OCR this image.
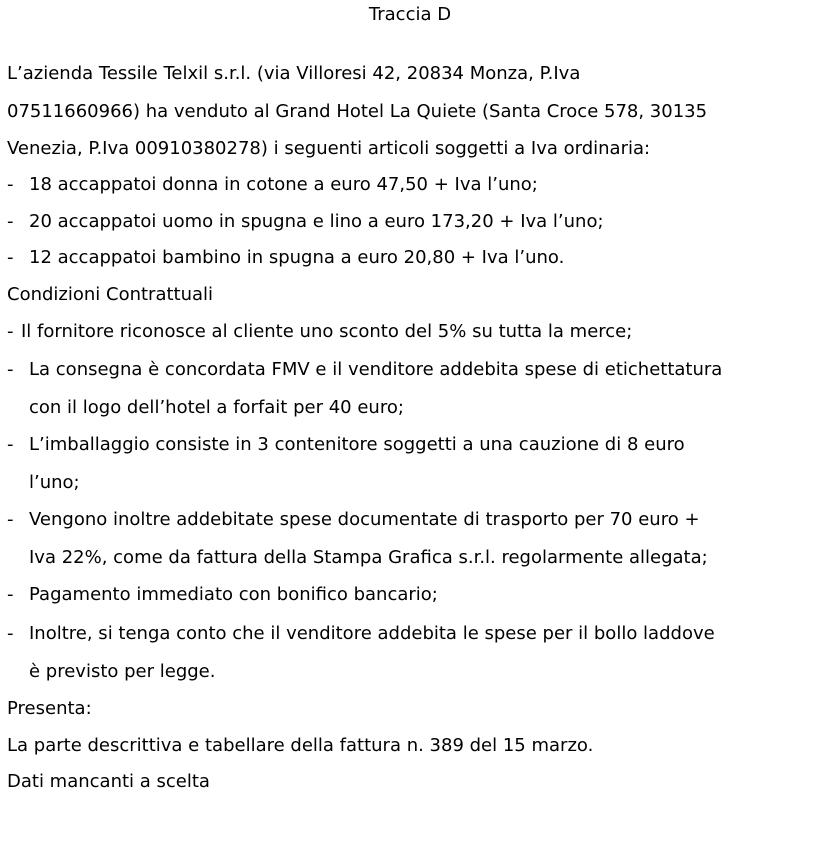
Traccia D
L’azienda Tessile Telxil s.r.l. (via Villoresi 42, 20834 Monza, P.Iva
07511660966) ha venduto al Grand Hotel La Quiete (Santa Croce 578, 30135
Venezia, P.Iva 00910380278) i seguenti articoli soggetti a Iva ordinaria:
- 18 accappatoi donna in cotone a euro 47,50 + Iva l’uno;
- 20 accappatoi uomo in spugna e lino a euro 173,20 + Iva l’uno;
- 12 accappatoi bambino in spugna a euro 20,80 + Iva l’uno.
Condizioni Contrattuali
- Il fornitore riconosce al cliente uno sconto del 5% su tutta la merce;
- La consegna è concordata FMV e il venditore addebita spese di etichettatura
con il logo dell’hotel a forfait per 40 euro;
- L’imballaggio consiste in 3 contenitore soggetti a una cauzione di 8 euro
l’uno;
- Vengono inoltre addebitate spese documentate di trasporto per 70 euro +
Iva 22%, come da fattura della Stampa Grafica s.r.l. regolarmente allegata;
- Pagamento immediato con bonifico bancario;
- Inoltre, si tenga conto che il venditore addebita le spese per il bollo laddove
è previsto per legge.
Presenta:
La parte descrittiva e tabellare della fattura n. 389 del 15 marzo.
Dati mancanti a scelta
